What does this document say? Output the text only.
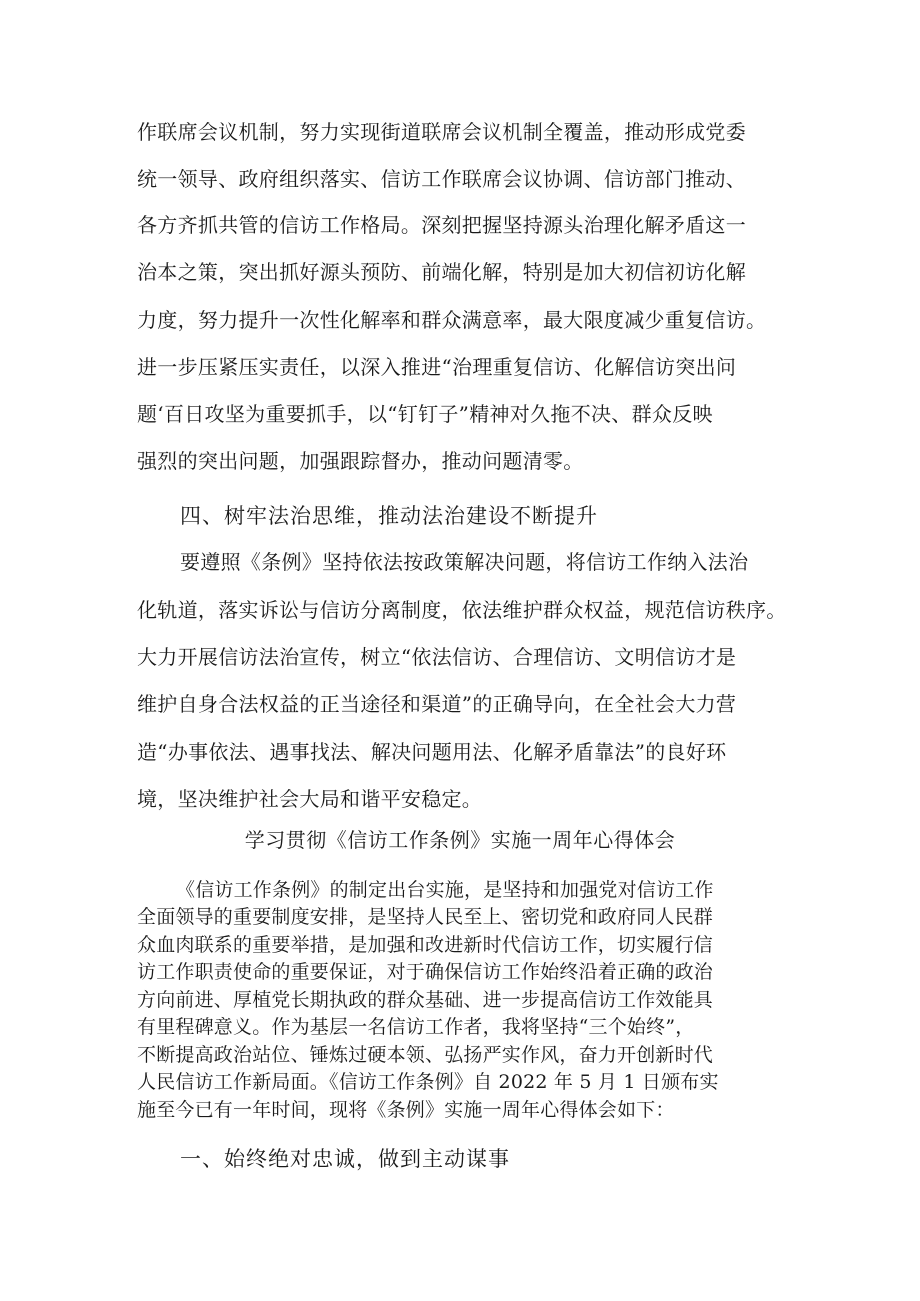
作联席会议机制，努力实现街道联席会议机制全覆盖，推动形成党委
统一领导、政府组织落实、信访工作联席会议协调、信访部门推动、
各方齐抓共管的信访工作格局。深刻把握坚持源头治理化解矛盾这一
治本之策，突出抓好源头预防、前端化解，特别是加大初信初访化解
力度，努力提升一次性化解率和群众满意率，最大限度减少重复信访。
进一步压紧压实责任，以深入推进“治理重复信访、化解信访突出问
题‘百日攻坚为重要抓手，以“钉钉子”精神对久拖不决、群众反映
强烈的突出问题，加强跟踪督办，推动问题清零。
四、树牢法治思维，推动法治建设不断提升
要遵照《条例》坚持依法按政策解决问题，将信访工作纳入法治
化轨道，落实诉讼与信访分离制度，依法维护群众权益，规范信访秩序。
大力开展信访法治宣传，树立“依法信访、合理信访、文明信访才是
维护自身合法权益的正当途径和渠道”的正确导向，在全社会大力营
造“办事依法、遇事找法、解决问题用法、化解矛盾靠法”的良好环
境，坚决维护社会大局和谐平安稳定。
学习贯彻《信访工作条例》实施一周年心得体会
《信访工作条例》的制定出台实施，是坚持和加强党对信访工作
全面领导的重要制度安排，是坚持人民至上、密切党和政府同人民群
众血肉联系的重要举措，是加强和改进新时代信访工作，切实履行信
访工作职责使命的重要保证，对于确保信访工作始终沿着正确的政治
方向前进、厚植党长期执政的群众基础、进一步提高信访工作效能具
有里程碑意义。作为基层一名信访工作者，我将坚持“三个始终”，
不断提高政治站位、锤炼过硬本领、弘扬严实作风，奋力开创新时代
人民信访工作新局面。《信访工作条例》自 2022 年 5 月 1 日颁布实
施至今已有一年时间，现将《条例》实施一周年心得体会如下：
一、始终绝对忠诚，做到主动谋事
